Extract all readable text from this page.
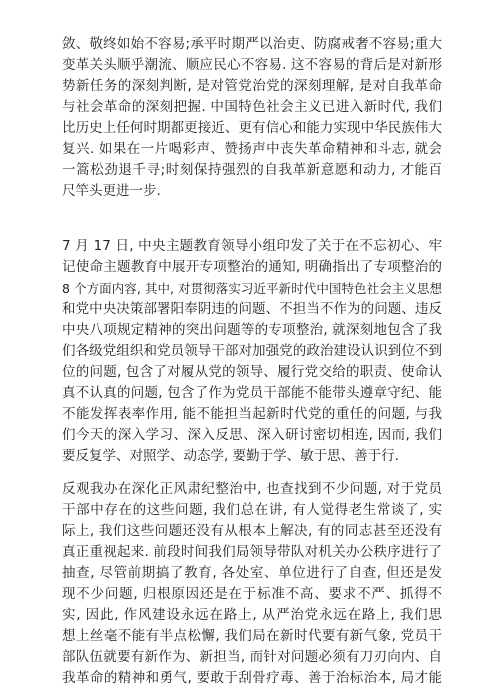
敛、敬终如始不容易;承平时期严以治吏、防腐戒奢不容易;重大
变革关头顺乎潮流、顺应民心不容易. 这不容易的背后是对新形
势新任务的深刻判断, 是对管党治党的深刻理解, 是对自我革命
与社会革命的深刻把握. 中国特色社会主义已进入新时代, 我们
比历史上任何时期都更接近、更有信心和能力实现中华民族伟大
复兴. 如果在一片喝彩声、赞扬声中丧失革命精神和斗志, 就会
一篙松劲退千寻;时刻保持强烈的自我革新意愿和动力, 才能百
尺竿头更进一步.
7 月 17 日, 中央主题教育领导小组印发了关于在不忘初心、牢
记使命主题教育中展开专项整治的通知, 明确指出了专项整治的
8 个方面内容, 其中, 对贯彻落实习近平新时代中国特色社会主义思想
和党中央决策部署阳奉阴违的问题、不担当不作为的问题、违反
中央八项规定精神的突出问题等的专项整治, 就深刻地包含了我
们各级党组织和党员领导干部对加强党的政治建设认识到位不到
位的问题, 包含了对履从党的领导、履行党交给的职责、使命认
真不认真的问题, 包含了作为党员干部能不能带头遵章守纪、能
不能发挥表率作用, 能不能担当起新时代党的重任的问题, 与我
们今天的深入学习、深入反思、深入研讨密切相连, 因而, 我们
要反复学、对照学、动态学, 要勤于学、敏于思、善于行.
反观我办在深化正风肃纪整治中, 也查找到不少问题, 对于党员
干部中存在的这些问题, 我们总在讲, 有人觉得老生常谈了, 实
际上, 我们这些问题还没有从根本上解决, 有的同志甚至还没有
真正重视起来. 前段时间我们局领导带队对机关办公秩序进行了
抽查, 尽管前期搞了教育, 各处室、单位进行了自查, 但还是发
现不少问题, 归根原因还是在于标准不高、要求不严、抓得不
实, 因此, 作风建设永远在路上, 从严治党永远在路上, 我们思
想上丝毫不能有半点松懈, 我们局在新时代要有新气象, 党员干
部队伍就要有新作为、新担当, 而针对问题必须有刀刃向内、自
我革命的精神和勇气, 要敢于刮骨疗毒、善于治标治本, 局才能
